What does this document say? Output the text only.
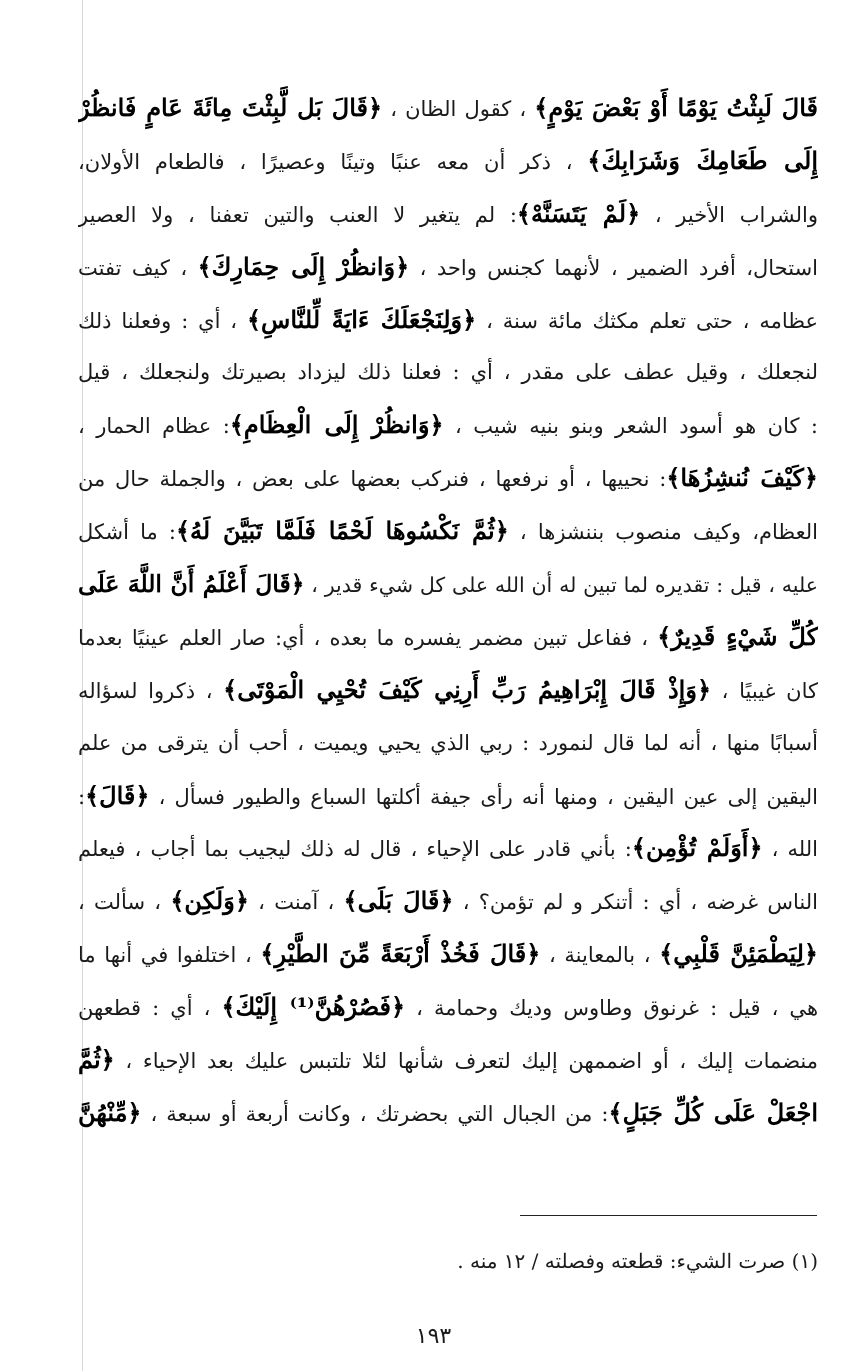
قَالَ لَبِثْتُ يَوْمًا أَوْ بَعْضَ يَوْمٍ﴾ ، كقول الظان ، ﴿قَالَ بَل لَّبِثْتَ مِائَةَ عَامٍ فَانظُرْ
إِلَى طَعَامِكَ وَشَرَابِكَ﴾ ، ذكر أن معه عنبًا وتينًا وعصيرًا ، فالطعام الأولان،
والشراب الأخير ، ﴿لَمْ يَتَسَنَّهْ﴾: لم يتغير لا العنب والتين تعفنا ، ولا العصير
استحال، أفرد الضمير ، لأنهما كجنس واحد ، ﴿وَانظُرْ إِلَى حِمَارِكَ﴾ ، كيف تفتت
عظامه ، حتى تعلم مكثك مائة سنة ، ﴿وَلِنَجْعَلَكَ ءَايَةً لِّلنَّاسِ﴾ ، أي : وفعلنا ذلك
لنجعلك ، وقيل عطف على مقدر ، أي : فعلنا ذلك ليزداد بصيرتك ولنجعلك ، قيل
: كان هو أسود الشعر وبنو بنيه شيب ، ﴿وَانظُرْ إِلَى الْعِظَامِ﴾: عظام الحمار ،
﴿كَيْفَ نُنشِزُهَا﴾: نحييها ، أو نرفعها ، فنركب بعضها على بعض ، والجملة حال من
العظام، وكيف منصوب بننشزها ، ﴿ثُمَّ نَكْسُوهَا لَحْمًا فَلَمَّا تَبَيَّنَ لَهُ﴾: ما أشكل
عليه ، قيل : تقديره لما تبين له أن الله على كل شيء قدير ، ﴿قَالَ أَعْلَمُ أَنَّ اللَّهَ عَلَى
كُلِّ شَيْءٍ قَدِيرٌ﴾ ، ففاعل تبين مضمر يفسره ما بعده ، أي: صار العلم عينيًا بعدما
كان غيبيًا ، ﴿وَإِذْ قَالَ إِبْرَاهِيمُ رَبِّ أَرِنِي كَيْفَ تُحْيِي الْمَوْتَى﴾ ، ذكروا لسؤاله
أسبابًا منها ، أنه لما قال لنمورد : ربي الذي يحيي ويميت ، أحب أن يترقى من علم
اليقين إلى عين اليقين ، ومنها أنه رأى جيفة أكلتها السباع والطيور فسأل ، ﴿قَالَ﴾:
الله ، ﴿أَوَلَمْ تُؤْمِن﴾: بأني قادر على الإحياء ، قال له ذلك ليجيب بما أجاب ، فيعلم
الناس غرضه ، أي : أتنكر و لم تؤمن؟ ، ﴿قَالَ بَلَى﴾ ، آمنت ، ﴿وَلَكِن﴾ ، سألت ،
﴿لِيَطْمَئِنَّ قَلْبِي﴾ ، بالمعاينة ، ﴿قَالَ فَخُذْ أَرْبَعَةً مِّنَ الطَّيْرِ﴾ ، اختلفوا في أنها ما
هي ، قيل : غرنوق وطاوس وديك وحمامة ، ﴿فَصُرْهُنَّ⁽¹⁾ إِلَيْكَ﴾ ، أي : قطعهن
منضمات إليك ، أو اضممهن إليك لتعرف شأنها لئلا تلتبس عليك بعد الإحياء ، ﴿ثُمَّ
اجْعَلْ عَلَى كُلِّ جَبَلٍ﴾: من الجبال التي بحضرتك ، وكانت أربعة أو سبعة ، ﴿مِّنْهُنَّ
(١) صرت الشيء: قطعته وفصلته / ١٢ منه .
١٩٣
